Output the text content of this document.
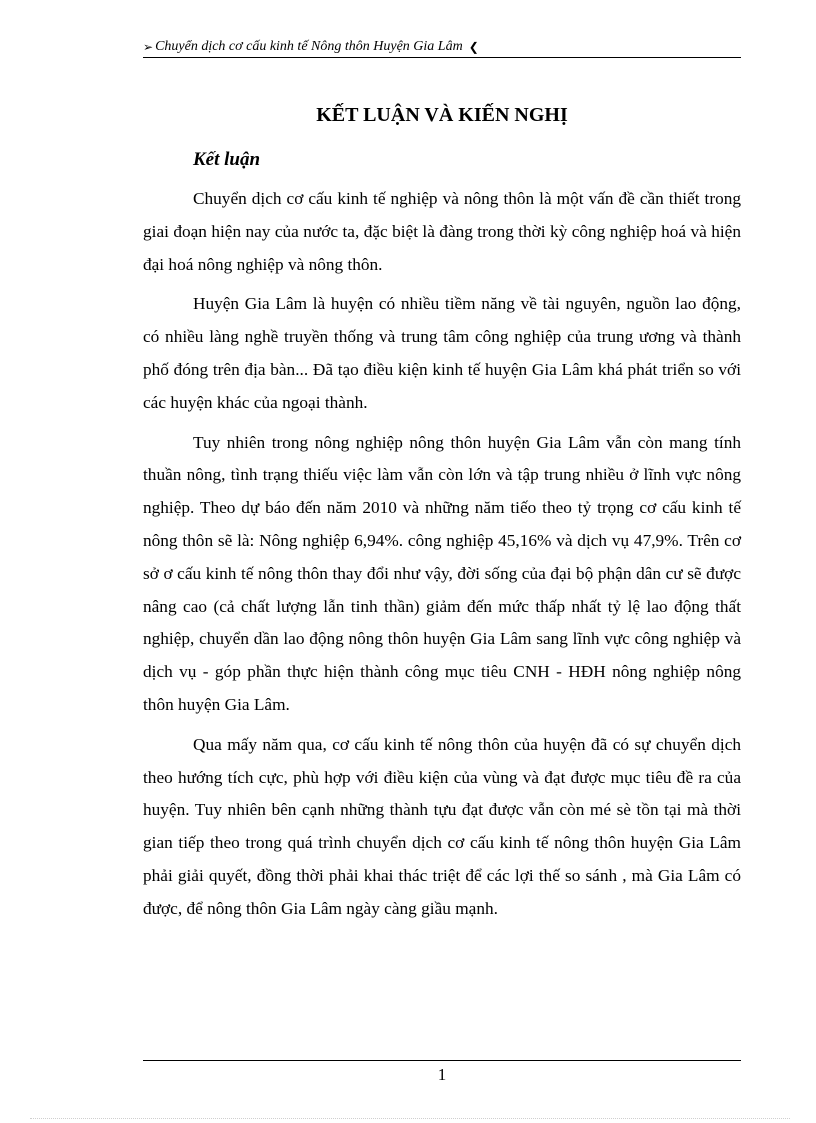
➢ Chuyển dịch cơ cấu kinh tế Nông thôn Huyện Gia Lâm ❮
KẾT LUẬN VÀ KIẾN NGHỊ
Kết luận

Chuyển dịch cơ cấu kinh tế nghiệp và nông thôn là một vấn đề cần thiết trong giai đoạn hiện nay của nước ta, đặc biệt là đàng trong thời kỳ công nghiệp hoá và hiện đại hoá nông nghiệp và nông thôn.

Huyện Gia Lâm là huyện có nhiều tiềm năng về tài nguyên, nguồn lao động, có nhiều làng nghề truyền thống và trung tâm công nghiệp của trung ương và thành phố đóng trên địa bàn... Đã tạo điều kiện kinh tế huyện Gia Lâm khá phát triển so với các huyện khác của ngoại thành.

Tuy nhiên trong nông nghiệp nông thôn huyện Gia Lâm vẫn còn mang tính thuần nông, tình trạng thiếu việc làm vẫn còn lớn và tập trung nhiều ở lĩnh vực nông nghiệp. Theo dự báo đến năm 2010 và những năm tiếo theo tỷ trọng cơ cấu kinh tế nông thôn sẽ là: Nông nghiệp 6,94%. công nghiệp 45,16% và dịch vụ 47,9%. Trên cơ sở ơ cấu kinh tế nông thôn thay đổi như vậy, đời sống của đại bộ phận dân cư sẽ được nâng cao (cả chất lượng lẫn tinh thần) giảm đến mức thấp nhất tỷ lệ lao động thất nghiệp, chuyển dần lao động nông thôn huyện Gia Lâm sang lĩnh vực công nghiệp và dịch vụ - góp phần thực hiện thành công mục tiêu CNH - HĐH nông nghiệp nông thôn huyện Gia Lâm.

Qua mấy năm qua, cơ cấu kinh tế nông thôn của huyện đã có sự chuyển dịch theo hướng tích cực, phù hợp với điều kiện của vùng và đạt được mục tiêu đề ra của huyện. Tuy nhiên bên cạnh những thành tựu đạt được vẫn còn mé sè tồn tại mà thời gian tiếp theo trong quá trình chuyển dịch cơ cấu kinh tế nông thôn huyện Gia Lâm phải giải quyết, đồng thời phải khai thác triệt để các lợi thế so sánh , mà Gia Lâm có được, để nông thôn Gia Lâm ngày càng giầu mạnh.

1
